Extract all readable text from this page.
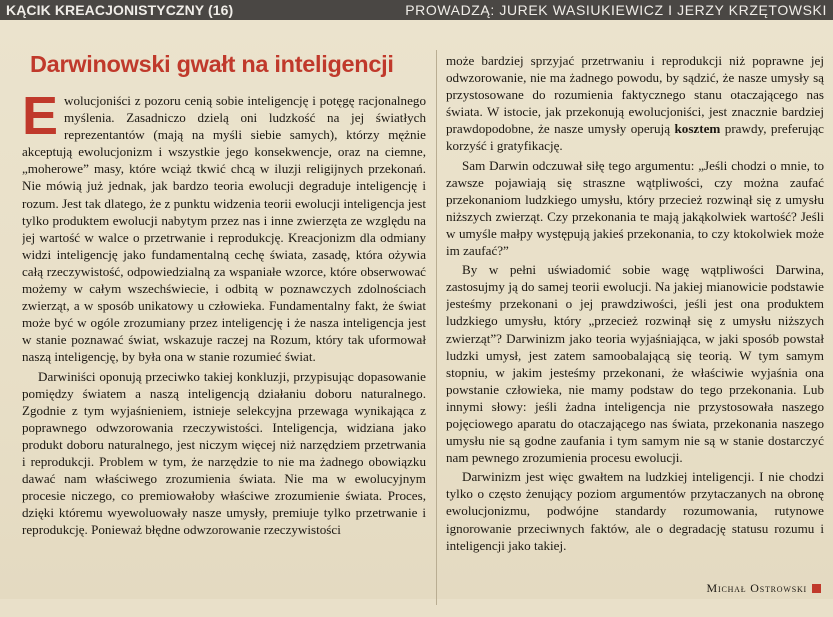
KĄCIK KREACJONISTYCZNY (16)	PROWADZĄ: JUREK WASIUKIEWICZ I JERZY KRZĘTOWSKI
Darwinowski gwałt na inteligencji

Ewolucjoniści z pozoru cenią sobie inteligencję i potęgę racjonalnego myślenia. Zasadniczo dzielą oni ludzkość na jej światłych reprezentantów (mają na myśli siebie samych), którzy mężnie akceptują ewolucjonizm i wszystkie jego konsekwencje, oraz na ciemne, „moherowe” masy, które wciąż tkwić chcą w iluzji religijnych przekonań. Nie mówią już jednak, jak bardzo teoria ewolucji degraduje inteligencję i rozum. Jest tak dlatego, że z punktu widzenia teorii ewolucji inteligencja jest tylko produktem ewolucji nabytym przez nas i inne zwierzęta ze względu na jej wartość w walce o przetrwanie i reprodukcję. Kreacjonizm dla odmiany widzi inteligencję jako fundamentalną cechę świata, zasadę, która ożywia całą rzeczywistość, odpowiedzialną za wspaniałe wzorce, które obserwować możemy w całym wszechświecie, i odbitą w poznawczych zdolnościach zwierząt, a w sposób unikatowy u człowieka. Fundamentalny fakt, że świat może być w ogóle zrozumiany przez inteligencję i że nasza inteligencja jest w stanie poznawać świat, wskazuje raczej na Rozum, który tak uformował naszą inteligencję, by była ona w stanie rozumieć świat.

Darwiniści oponują przeciwko takiej konkluzji, przypisując dopasowanie pomiędzy światem a naszą inteligencją działaniu doboru naturalnego. Zgodnie z tym wyjaśnieniem, istnieje selekcyjna przewaga wynikająca z poprawnego odwzorowania rzeczywistości. Inteligencja, widziana jako produkt doboru naturalnego, jest niczym więcej niż narzędziem przetrwania i reprodukcji. Problem w tym, że narzędzie to nie ma żadnego obowiązku dawać nam właściwego zrozumienia świata. Nie ma w ewolucyjnym procesie niczego, co premiowałoby właściwe zrozumienie świata. Proces, dzięki któremu wyewoluowały nasze umysły, premiuje tylko przetrwanie i reprodukcję. Ponieważ błędne odwzorowanie rzeczywistości

może bardziej sprzyjać przetrwaniu i reprodukcji niż poprawne jej odwzorowanie, nie ma żadnego powodu, by sądzić, że nasze umysły są przystosowane do rozumienia faktycznego stanu otaczającego nas świata. W istocie, jak przekonują ewolucjoniści, jest znacznie bardziej prawdopodobne, że nasze umysły operują kosztem prawdy, preferując korzyść i gratyfikację.

Sam Darwin odczuwał siłę tego argumentu: „Jeśli chodzi o mnie, to zawsze pojawiają się straszne wątpliwości, czy można zaufać przekonaniom ludzkiego umysłu, który przecież rozwinął się z umysłu niższych zwierząt. Czy przekonania te mają jakąkolwiek wartość? Jeśli w umyśle małpy występują jakieś przekonania, to czy ktokolwiek może im zaufać?”

By w pełni uświadomić sobie wagę wątpliwości Darwina, zastosujmy ją do samej teorii ewolucji. Na jakiej mianowicie podstawie jesteśmy przekonani o jej prawdziwości, jeśli jest ona produktem ludzkiego umysłu, który „przecież rozwinął się z umysłu niższych zwierząt”? Darwinizm jako teoria wyjaśniająca, w jaki sposób powstał ludzki umysł, jest zatem samoobalającą się teorią. W tym samym stopniu, w jakim jesteśmy przekonani, że właściwie wyjaśnia ona powstanie człowieka, nie mamy podstaw do tego przekonania. Lub innymi słowy: jeśli żadna inteligencja nie przystosowała naszego pojęciowego aparatu do otaczającego nas świata, przekonania naszego umysłu nie są godne zaufania i tym samym nie są w stanie dostarczyć nam pewnego zrozumienia procesu ewolucji.

Darwinizm jest więc gwałtem na ludzkiej inteligencji. I nie chodzi tylko o często żenujący poziom argumentów przytaczanych na obronę ewolucjonizmu, podwójne standardy rozumowania, rutynowe ignorowanie przeciwnych faktów, ale o degradację statusu rozumu i inteligencji jako takiej.

Michał Ostrowski
